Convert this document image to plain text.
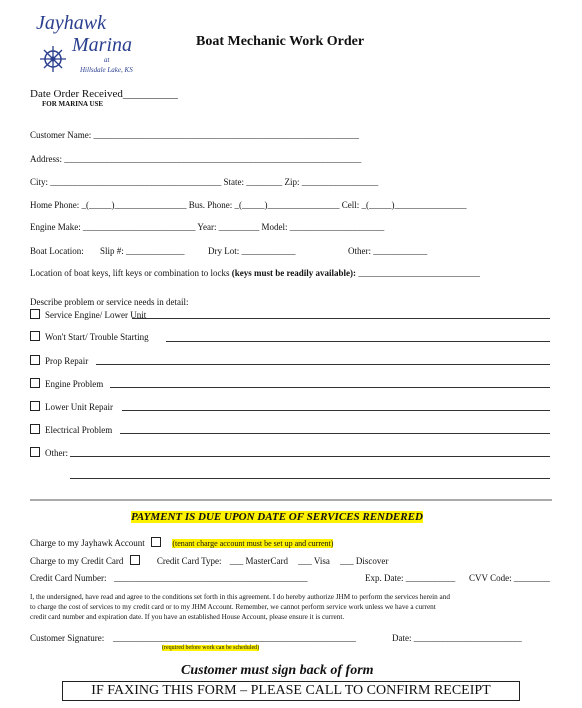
Jayhawk
Marina
at
Hillsdale Lake, KS
Boat Mechanic Work Order
Date Order Received__________
FOR MARINA USE
Customer Name: ___________________________________________________________
Address: __________________________________________________________________
City: ______________________________________ State: ________ Zip: _________________
Home Phone: _(_____)________________ Bus. Phone: _(_____)________________ Cell: _(_____)________________
Engine Make: _________________________ Year: _________ Model: _____________________
Boat Location: Slip #: _____________	Dry Lot: ____________	Other: ____________
Location of boat keys, lift keys or combination to locks (keys must be readily available): ___________________________
Describe problem or service needs in detail:
Service Engine/ Lower Unit
Won't Start/ Trouble Starting
Prop Repair
Engine Problem
Lower Unit Repair
Electrical Problem
Other:
PAYMENT IS DUE UPON DATE OF SERVICES RENDERED
Charge to my Jayhawk Account	(tenant charge account must be set up and current)
Charge to my Credit Card	Credit Card Type: ___ MasterCard ___ Visa ___ Discover
Credit Card Number: ___________________________________________	Exp. Date: ___________ CVV Code: ________
I, the undersigned, have read and agree to the conditions set forth in this agreement. I do hereby authorize JHM to perform the services herein and
to charge the cost of services to my credit card or to my JHM Account. Remember, we cannot perform service work unless we have a current
credit card number and expiration date. If you have an established House Account, please ensure it is current.
Customer Signature: ______________________________________________________	Date: ________________________
(required before work can be scheduled)
Customer must sign back of form
IF FAXING THIS FORM – PLEASE CALL TO CONFIRM RECEIPT
